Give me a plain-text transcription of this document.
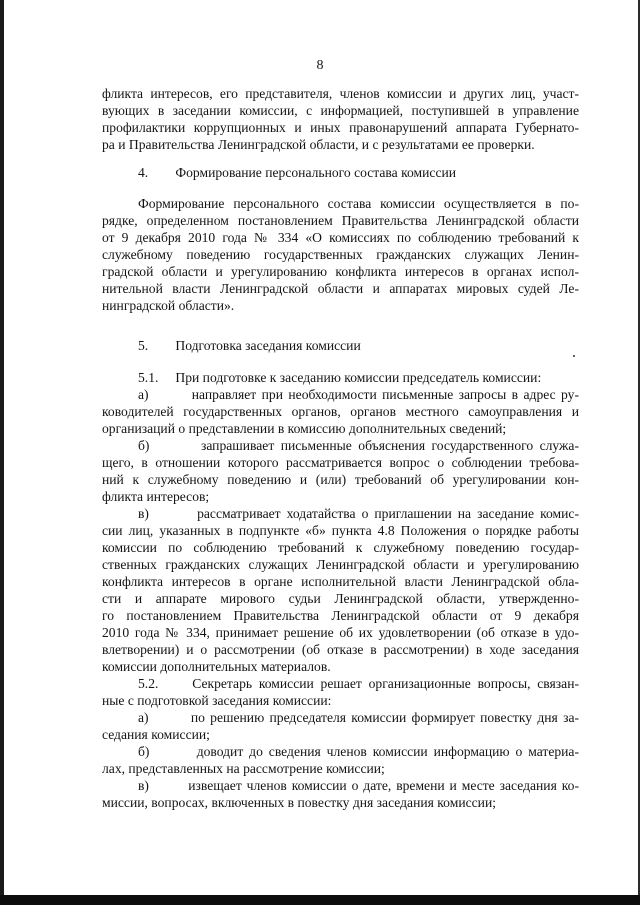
8
фликта интересов, его представителя, членов комиссии и других лиц, участ-
вующих в заседании комиссии, с информацией, поступившей в управление
профилактики коррупционных и иных правонарушений аппарата Губернато-
ра и Правительства Ленинградской области, и с результатами ее проверки.
4.        Формирование персонального состава комиссии
Формирование персонального состава комиссии осуществляется в по-
рядке, определенном постановлением Правительства Ленинградской области
от 9 декабря 2010 года № 334 «О комиссиях по соблюдению требований к
служебному поведению государственных гражданских служащих Ленин-
градской области и урегулированию конфликта интересов в органах испол-
нительной власти Ленинградской области и аппаратах мировых судей Ле-
нинградской области».
5.        Подготовка заседания комиссии
5.1.     При подготовке к заседанию комиссии председатель комиссии:
а)        направляет при необходимости письменные запросы в адрес ру-
ководителей государственных органов, органов местного самоуправления и
организаций о представлении в комиссию дополнительных сведений;
б)        запрашивает письменные объяснения государственного служа-
щего, в отношении которого рассматривается вопрос о соблюдении требова-
ний к служебному поведению и (или) требований об урегулировании кон-
фликта интересов;
в)        рассматривает ходатайства о приглашении на заседание комис-
сии лиц, указанных в подпункте «б» пункта 4.8 Положения о порядке работы
комиссии по соблюдению требований к служебному поведению государ-
ственных гражданских служащих Ленинградской области и урегулированию
конфликта интересов в органе исполнительной власти Ленинградской обла-
сти и аппарате мирового судьи Ленинградской области, утвержденно-
го постановлением Правительства Ленинградской области от 9 декабря
2010 года № 334, принимает решение об их удовлетворении (об отказе в удо-
влетворении) и о рассмотрении (об отказе в рассмотрении) в ходе заседания
комиссии дополнительных материалов.
5.2.     Секретарь комиссии решает организационные вопросы, связан-
ные с подготовкой заседания комиссии:
а)        по решению председателя комиссии формирует повестку дня за-
седания комиссии;
б)        доводит до сведения членов комиссии информацию о материа-
лах, представленных на рассмотрение комиссии;
в)        извещает членов комиссии о дате, времени и месте заседания ко-
миссии, вопросах, включенных в повестку дня заседания комиссии;
